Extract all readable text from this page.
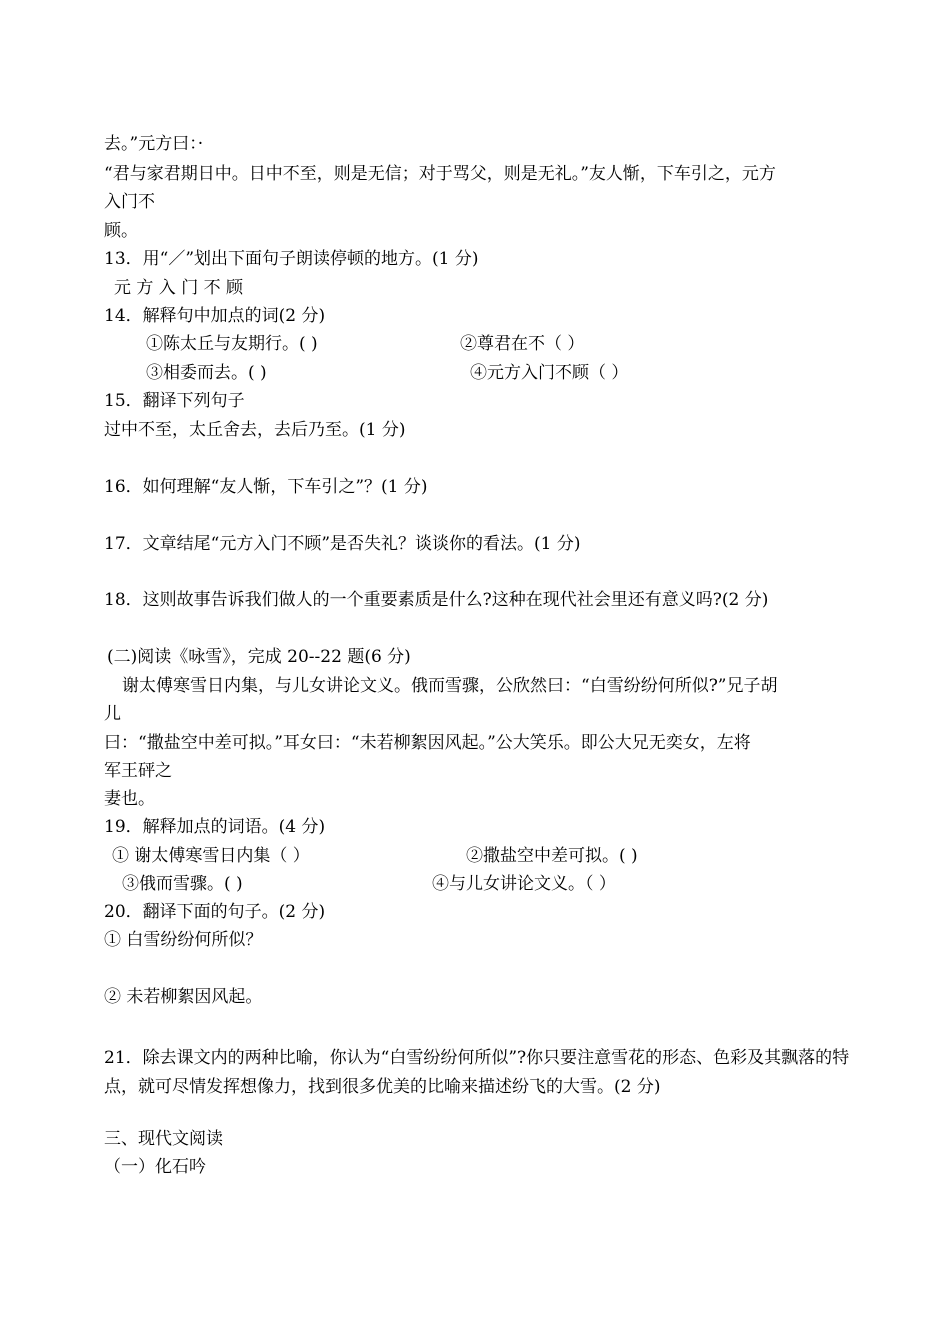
去。”元方曰：·
“君与家君期日中。日中不至，则是无信；对于骂父，则是无礼。”友人惭，下车引之，元方
入门不
顾。
13．用“／”划出下面句子朗读停顿的地方。(1 分)
元 方 入 门 不 顾
14．解释句中加点的词(2 分)
①陈太丘与友期行。( )	②尊君在不（ ）
③相委而去。( )	④元方入门不顾（ ）
15．翻译下列句子
过中不至，太丘舍去，去后乃至。(1 分)
16．如何理解“友人惭，下车引之”？(1 分)
17．文章结尾“元方入门不顾”是否失礼？谈谈你的看法。(1 分)
18．这则故事告诉我们做人的一个重要素质是什么?这种在现代社会里还有意义吗?(2 分)
(二)阅读《咏雪》，完成 20--22 题(6 分)
谢太傅寒雪日内集，与儿女讲论文义。俄而雪骤，公欣然曰：“白雪纷纷何所似?”兄子胡
儿
曰：“撒盐空中差可拟。”耳女曰：“未若柳絮因风起。”公大笑乐。即公大兄无奕女，左将
军王砰之
妻也。
19．解释加点的词语。(4 分)
① 谢太傅寒雪日内集（ ）	②撒盐空中差可拟。( )
③俄而雪骤。( )	④与儿女讲论文义。（ ）
20．翻译下面的句子。(2 分)
① 白雪纷纷何所似？
② 未若柳絮因风起。
21．除去课文内的两种比喻，你认为“白雪纷纷何所似”?你只要注意雪花的形态、色彩及其飘落的特点，就可尽情发挥想像力，找到很多优美的比喻来描述纷飞的大雪。(2 分)
三、现代文阅读
（一）化石吟
